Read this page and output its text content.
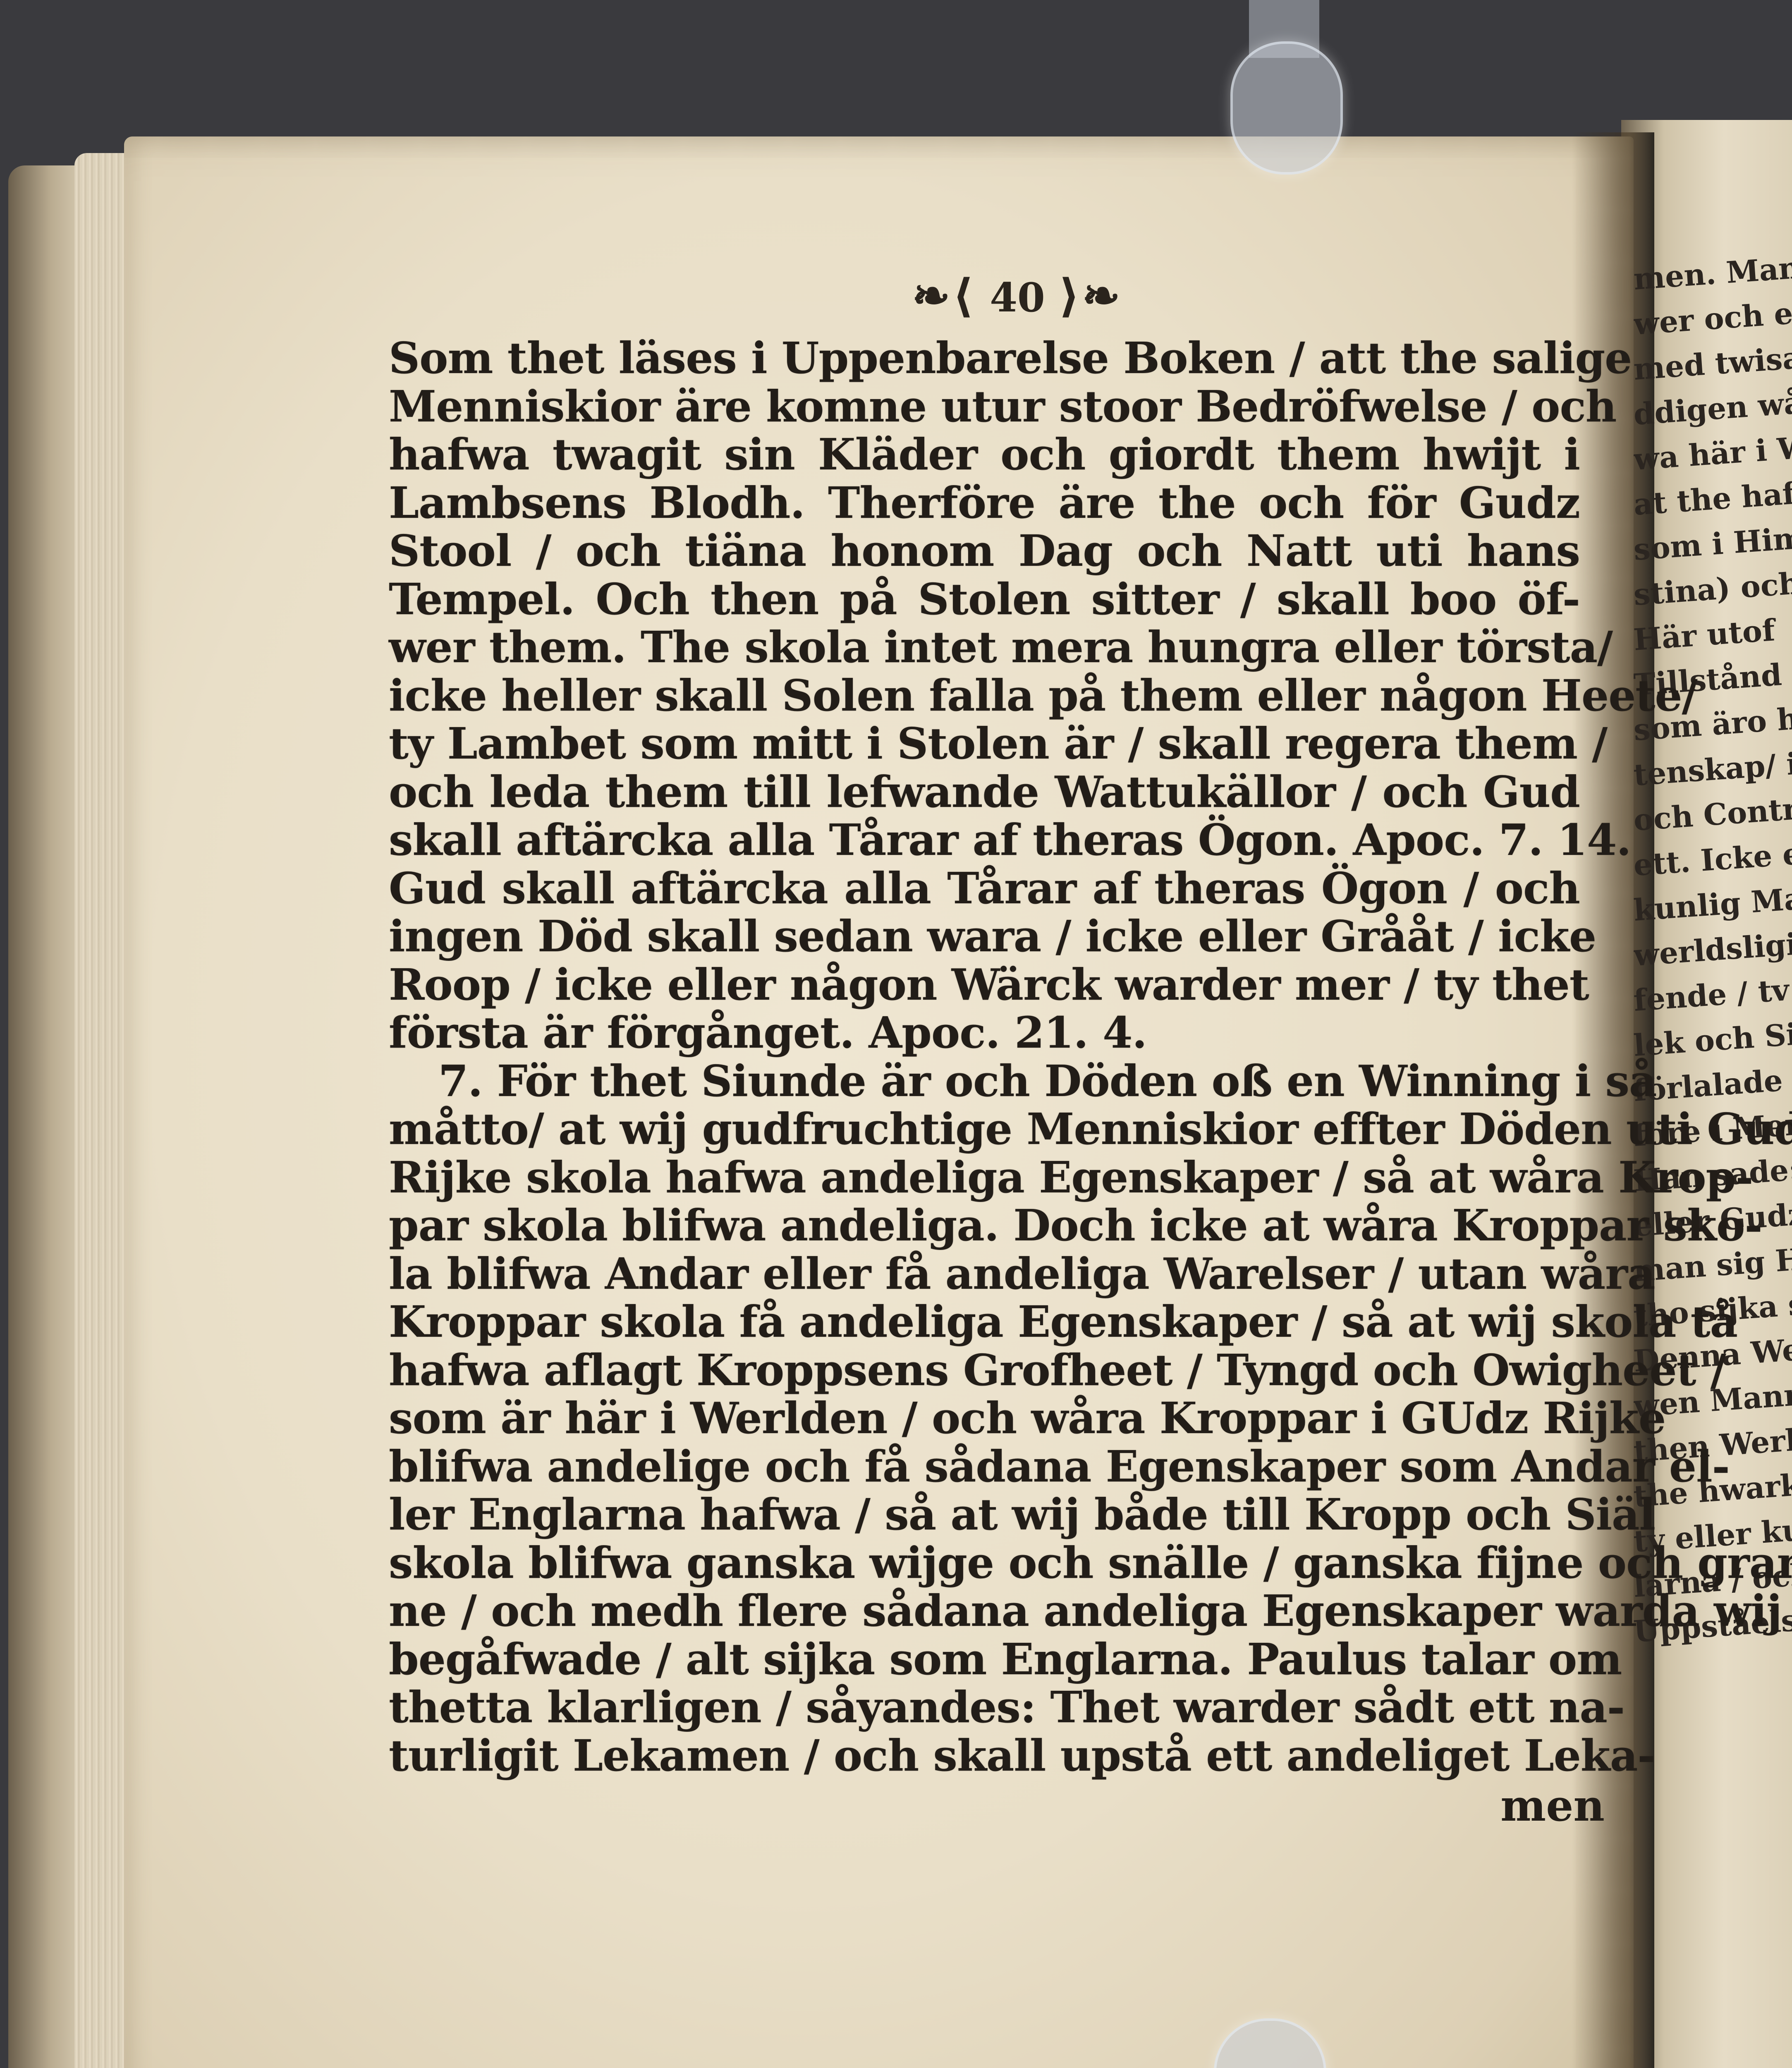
men. Man
wer och ett
med twisas
ddigen wåra
wa här i Werld
at the hafwa
som i Himme
stina) och
Här utof
Tillstånd skall
som äro här
tenskap/ ingen
och Contracter,
ett. Icke eller
kunlig Maat
werldsligit/
fende / tv
lek och Sinligheter
förlalade
före i Menniskorn
Han sade:
eller Gudz
man sig Hustro
tho sijka som
Denna Werlden
wen Mannom,
then Werldene
the hwarken
ty eller kunna
larna / och
Uppståels
❧⟨ 40 ⟩❧
Som thet läses i Uppenbarelse Boken / att the salige
Menniskior äre komne utur stoor Bedröfwelse / och
hafwa twagit sin Kläder och giordt them hwijt i
Lambsens Blodh. Therföre äre the och för Gudz
Stool / och tiäna honom Dag och Natt uti hans
Tempel. Och then på Stolen sitter / skall boo öf-
wer them. The skola intet mera hungra eller törsta/
icke heller skall Solen falla på them eller någon Heete/
ty Lambet som mitt i Stolen är / skall regera them /
och leda them till lefwande Wattukällor / och Gud
skall aftärcka alla Tårar af theras Ögon. Apoc. 7. 14.
Gud skall aftärcka alla Tårar af theras Ögon / och
ingen Död skall sedan wara / icke eller Grååt / icke
Roop / icke eller någon Wärck warder mer / ty thet
första är förgånget. Apoc. 21. 4.
7. För thet Siunde är och Döden oß en Winning i så
måtto/ at wij gudfruchtige Menniskior effter Döden uti Gudz
Rijke skola hafwa andeliga Egenskaper / så at wåra Krop-
par skola blifwa andeliga. Doch icke at wåra Kroppar sko-
la blifwa Andar eller få andeliga Warelser / utan wåra
Kroppar skola få andeliga Egenskaper / så at wij skola tå
hafwa aflagt Kroppsens Grofheet / Tyngd och Owigheet /
som är här i Werlden / och wåra Kroppar i GUdz Rijke
blifwa andelige och få sådana Egenskaper som Andar el-
ler Englarna hafwa / så at wij både till Kropp och Siäl
skola blifwa ganska wijge och snälle / ganska fijne och gran-
ne / och medh flere sådana andeliga Egenskaper warda wij
begåfwade / alt sijka som Englarna. Paulus talar om
thetta klarligen / såyandes: Thet warder sådt ett na-
turligit Lekamen / och skall upstå ett andeliget Leka-
men
